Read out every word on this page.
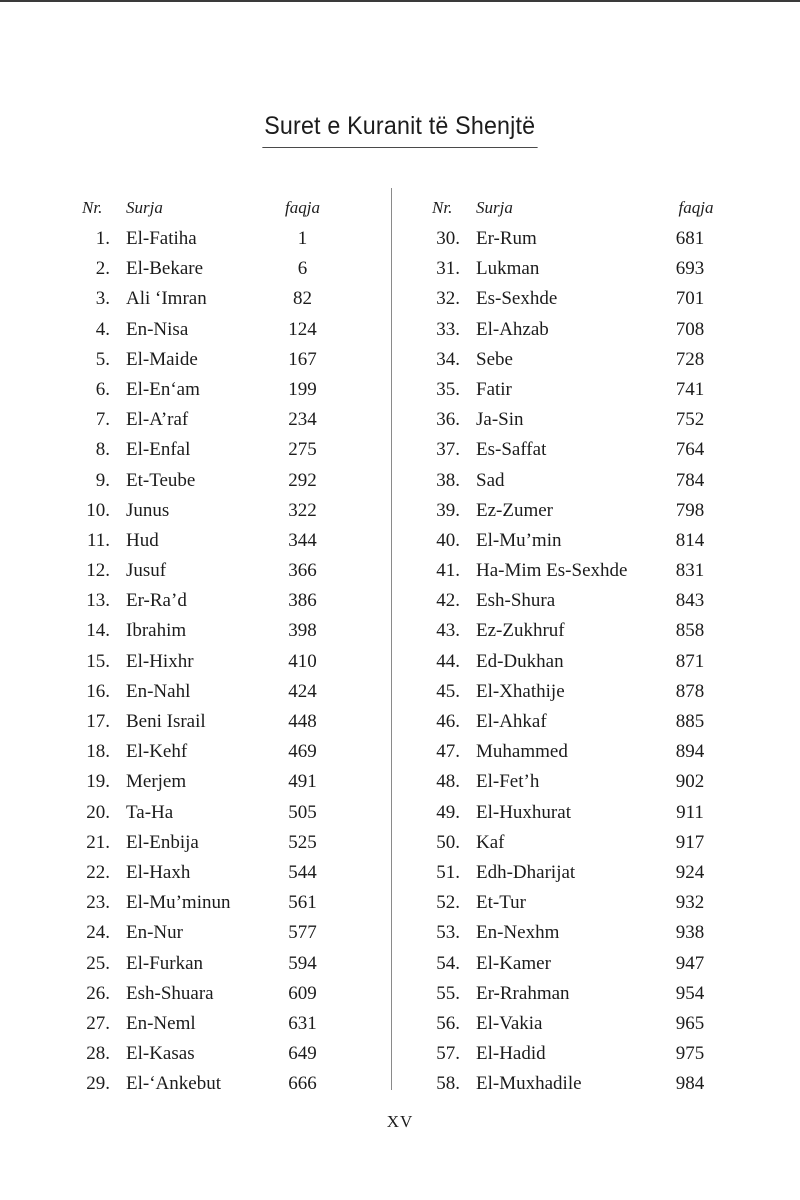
Suret e Kuranit të Shenjtë
Nr.	Surja	faqja
1. El-Fatiha	1
2. El-Bekare	6
3. Ali ‘Imran	82
4. En-Nisa	124
5. El-Maide	167
6. El-En‘am	199
7. El-A’raf	234
8. El-Enfal	275
9. Et-Teube	292
10. Junus	322
11. Hud	344
12. Jusuf	366
13. Er-Ra’d	386
14. Ibrahim	398
15. El-Hixhr	410
16. En-Nahl	424
17. Beni Israil	448
18. El-Kehf	469
19. Merjem	491
20. Ta-Ha	505
21. El-Enbija	525
22. El-Haxh	544
23. El-Mu’minun	561
24. En-Nur	577
25. El-Furkan	594
26. Esh-Shuara	609
27. En-Neml	631
28. El-Kasas	649
29. El-‘Ankebut	666
Nr.	Surja	faqja
30. Er-Rum	681
31. Lukman	693
32. Es-Sexhde	701
33. El-Ahzab	708
34. Sebe	728
35. Fatir	741
36. Ja-Sin	752
37. Es-Saffat	764
38. Sad	784
39. Ez-Zumer	798
40. El-Mu’min	814
41. Ha-Mim Es-Sexhde	831
42. Esh-Shura	843
43. Ez-Zukhruf	858
44. Ed-Dukhan	871
45. El-Xhathije	878
46. El-Ahkaf	885
47. Muhammed	894
48. El-Fet’h	902
49. El-Huxhurat	911
50. Kaf	917
51. Edh-Dharijat	924
52. Et-Tur	932
53. En-Nexhm	938
54. El-Kamer	947
55. Er-Rrahman	954
56. El-Vakia	965
57. El-Hadid	975
58. El-Muxhadile	984
XV
